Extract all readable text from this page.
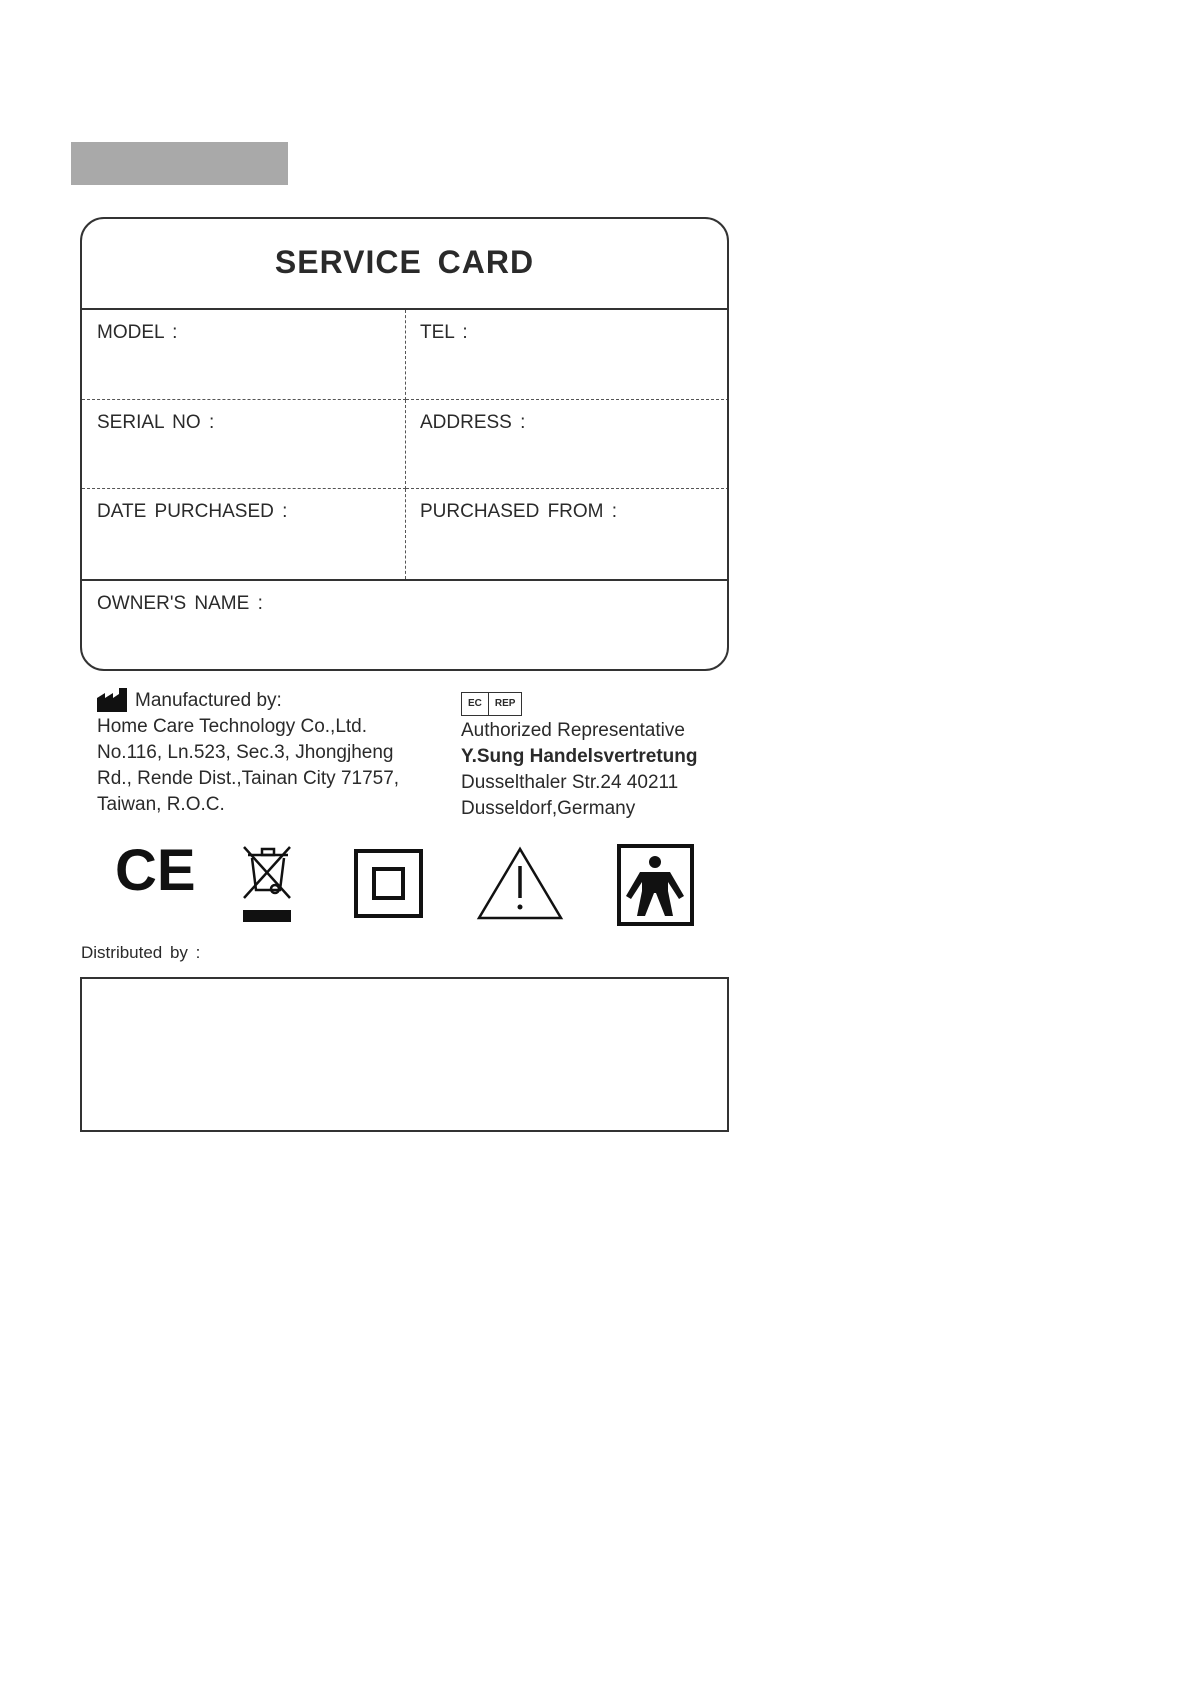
SERVICE CARD
MODEL :	TEL :
SERIAL NO :	ADDRESS :
DATE PURCHASED :	PURCHASED FROM :
OWNER'S NAME :
Manufactured by:
Home Care Technology Co.,Ltd.
No.116, Ln.523, Sec.3, Jhongjheng
Rd., Rende Dist.,Tainan City 71757,
Taiwan, R.O.C.
EC	REP
Authorized Representative
Y.Sung Handelsvertretung
Dusselthaler Str.24 40211
Dusseldorf,Germany
CE
Distributed by :
